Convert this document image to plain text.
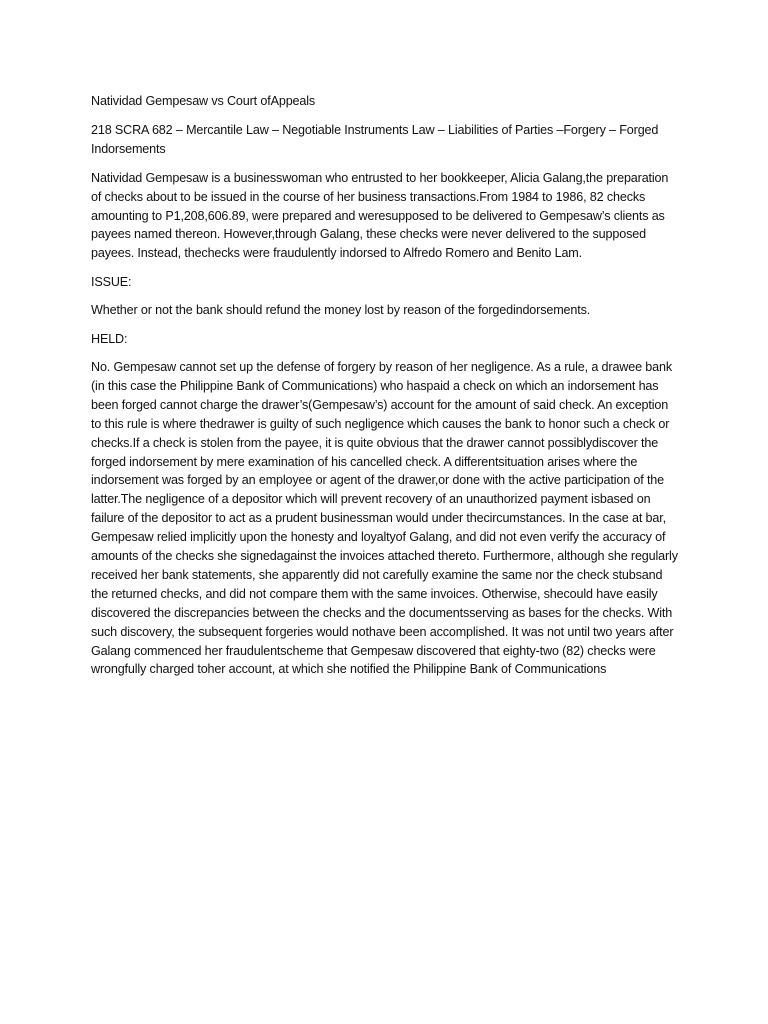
Natividad Gempesaw vs Court ofAppeals

218 SCRA 682 – Mercantile Law – Negotiable Instruments Law – Liabilities of Parties –Forgery – Forged Indorsements

Natividad Gempesaw is a businesswoman who entrusted to her bookkeeper, Alicia Galang,the preparation of checks about to be issued in the course of her business transactions.From 1984 to 1986, 82 checks amounting to P1,208,606.89, were prepared and weresupposed to be delivered to Gempesaw’s clients as payees named thereon. However,through Galang, these checks were never delivered to the supposed payees. Instead, thechecks were fraudulently indorsed to Alfredo Romero and Benito Lam.

ISSUE:

Whether or not the bank should refund the money lost by reason of the forgedindorsements.

HELD:

No. Gempesaw cannot set up the defense of forgery by reason of her negligence. As a rule, a drawee bank (in this case the Philippine Bank of Communications) who haspaid a check on which an indorsement has been forged cannot charge the drawer’s(Gempesaw’s) account for the amount of said check. An exception to this rule is where thedrawer is guilty of such negligence which causes the bank to honor such a check or checks.If a check is stolen from the payee, it is quite obvious that the drawer cannot possiblydiscover the forged indorsement by mere examination of his cancelled check. A differentsituation arises where the indorsement was forged by an employee or agent of the drawer,or done with the active participation of the latter.The negligence of a depositor which will prevent recovery of an unauthorized payment isbased on failure of the depositor to act as a prudent businessman would under thecircumstances. In the case at bar, Gempesaw relied implicitly upon the honesty and loyaltyof Galang, and did not even verify the accuracy of amounts of the checks she signedagainst the invoices attached thereto. Furthermore, although she regularly received her bank statements, she apparently did not carefully examine the same nor the check stubsand the returned checks, and did not compare them with the same invoices. Otherwise, shecould have easily discovered the discrepancies between the checks and the documentsserving as bases for the checks. With such discovery, the subsequent forgeries would nothave been accomplished. It was not until two years after Galang commenced her fraudulentscheme that Gempesaw discovered that eighty-two (82) checks were wrongfully charged toher account, at which she notified the Philippine Bank of Communications
